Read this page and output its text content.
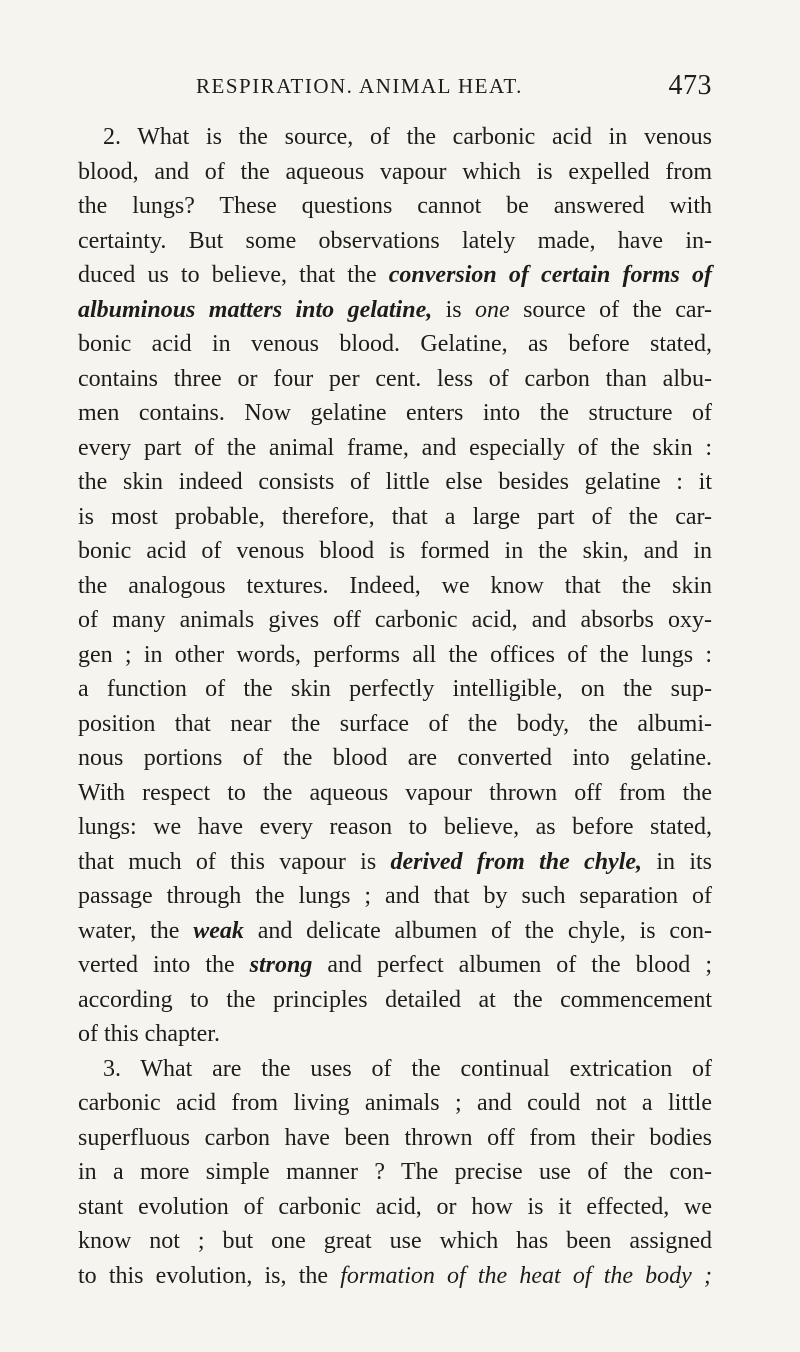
RESPIRATION. ANIMAL HEAT.	473
2. What is the source, of the carbonic acid in venous
blood, and of the aqueous vapour which is expelled from
the lungs? These questions cannot be answered with
certainty. But some observations lately made, have in-
duced us to believe, that the conversion of certain forms of
albuminous matters into gelatine, is one source of the car-
bonic acid in venous blood. Gelatine, as before stated,
contains three or four per cent. less of carbon than albu-
men contains. Now gelatine enters into the structure of
every part of the animal frame, and especially of the skin :
the skin indeed consists of little else besides gelatine : it
is most probable, therefore, that a large part of the car-
bonic acid of venous blood is formed in the skin, and in
the analogous textures. Indeed, we know that the skin
of many animals gives off carbonic acid, and absorbs oxy-
gen ; in other words, performs all the offices of the lungs :
a function of the skin perfectly intelligible, on the sup-
position that near the surface of the body, the albumi-
nous portions of the blood are converted into gelatine.
With respect to the aqueous vapour thrown off from the
lungs: we have every reason to believe, as before stated,
that much of this vapour is derived from the chyle, in its
passage through the lungs ; and that by such separation of
water, the weak and delicate albumen of the chyle, is con-
verted into the strong and perfect albumen of the blood ;
according to the principles detailed at the commencement
of this chapter.
3. What are the uses of the continual extrication of
carbonic acid from living animals ; and could not a little
superfluous carbon have been thrown off from their bodies
in a more simple manner ? The precise use of the con-
stant evolution of carbonic acid, or how is it effected, we
know not ; but one great use which has been assigned
to this evolution, is, the formation of the heat of the body ;
